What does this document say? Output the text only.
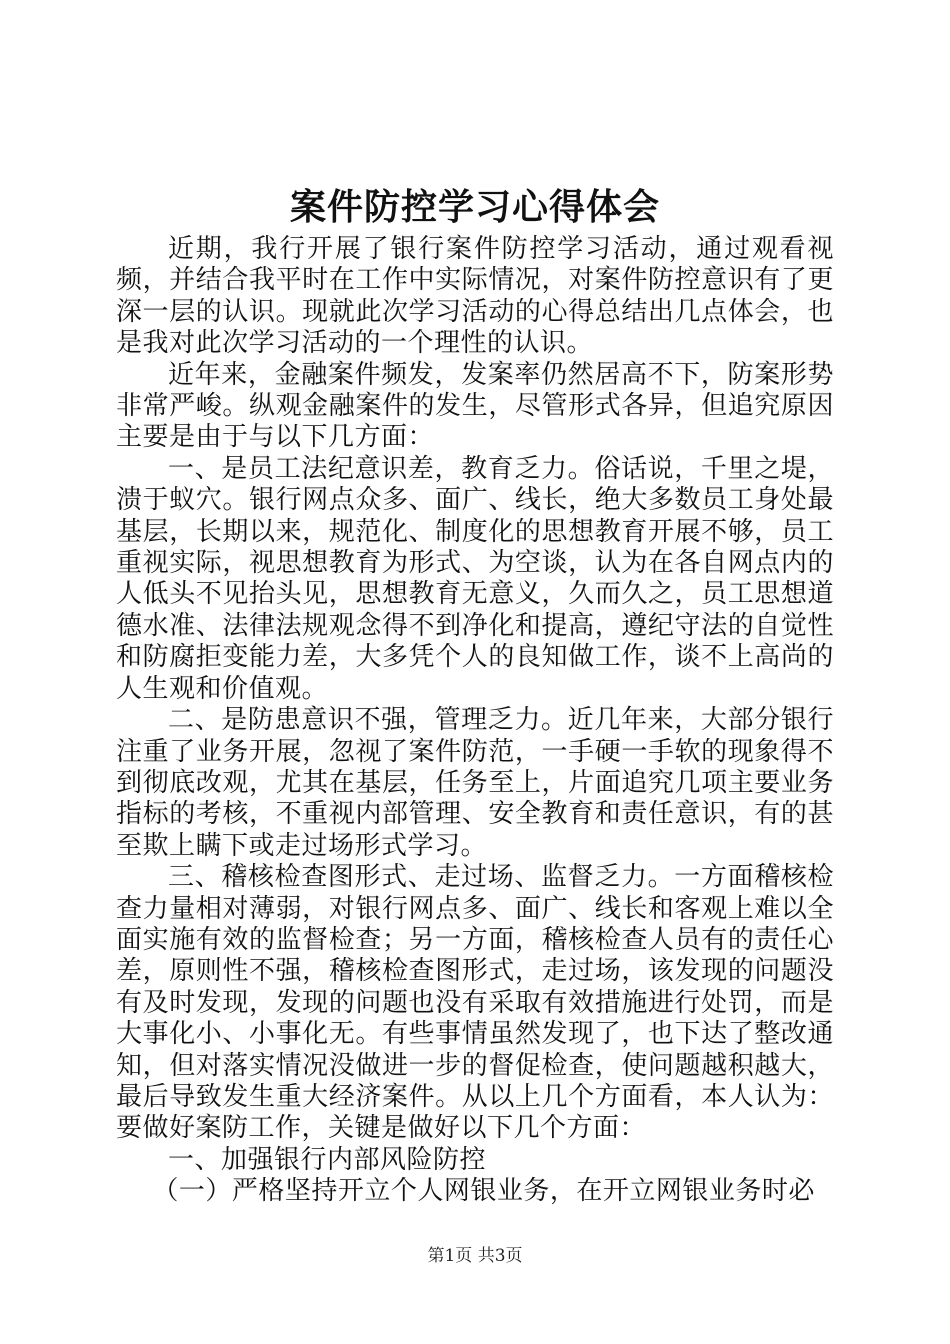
案件防控学习心得体会

近期，我行开展了银行案件防控学习活动，通过观看视频，并结合我平时在工作中实际情况，对案件防控意识有了更深一层的认识。现就此次学习活动的心得总结出几点体会，也是我对此次学习活动的一个理性的认识。

近年来，金融案件频发，发案率仍然居高不下，防案形势非常严峻。纵观金融案件的发生，尽管形式各异，但追究原因主要是由于与以下几方面：

一、是员工法纪意识差，教育乏力。俗话说，千里之堤，溃于蚁穴。银行网点众多、面广、线长，绝大多数员工身处最基层，长期以来，规范化、制度化的思想教育开展不够，员工重视实际，视思想教育为形式、为空谈，认为在各自网点内的人低头不见抬头见，思想教育无意义，久而久之，员工思想道德水准、法律法规观念得不到净化和提高，遵纪守法的自觉性和防腐拒变能力差，大多凭个人的良知做工作，谈不上高尚的人生观和价值观。

二、是防患意识不强，管理乏力。近几年来，大部分银行注重了业务开展，忽视了案件防范，一手硬一手软的现象得不到彻底改观，尤其在基层，任务至上，片面追究几项主要业务指标的考核，不重视内部管理、安全教育和责任意识，有的甚至欺上瞒下或走过场形式学习。

三、稽核检查图形式、走过场、监督乏力。一方面稽核检查力量相对薄弱，对银行网点多、面广、线长和客观上难以全面实施有效的监督检查；另一方面，稽核检查人员有的责任心差，原则性不强，稽核检查图形式，走过场，该发现的问题没有及时发现，发现的问题也没有采取有效措施进行处罚，而是大事化小、小事化无。有些事情虽然发现了，也下达了整改通知，但对落实情况没做进一步的督促检查，使问题越积越大，最后导致发生重大经济案件。从以上几个方面看，本人认为：要做好案防工作，关键是做好以下几个方面：

一、加强银行内部风险防控

（一）严格坚持开立个人网银业务，在开立网银业务时必

第1页 共3页
